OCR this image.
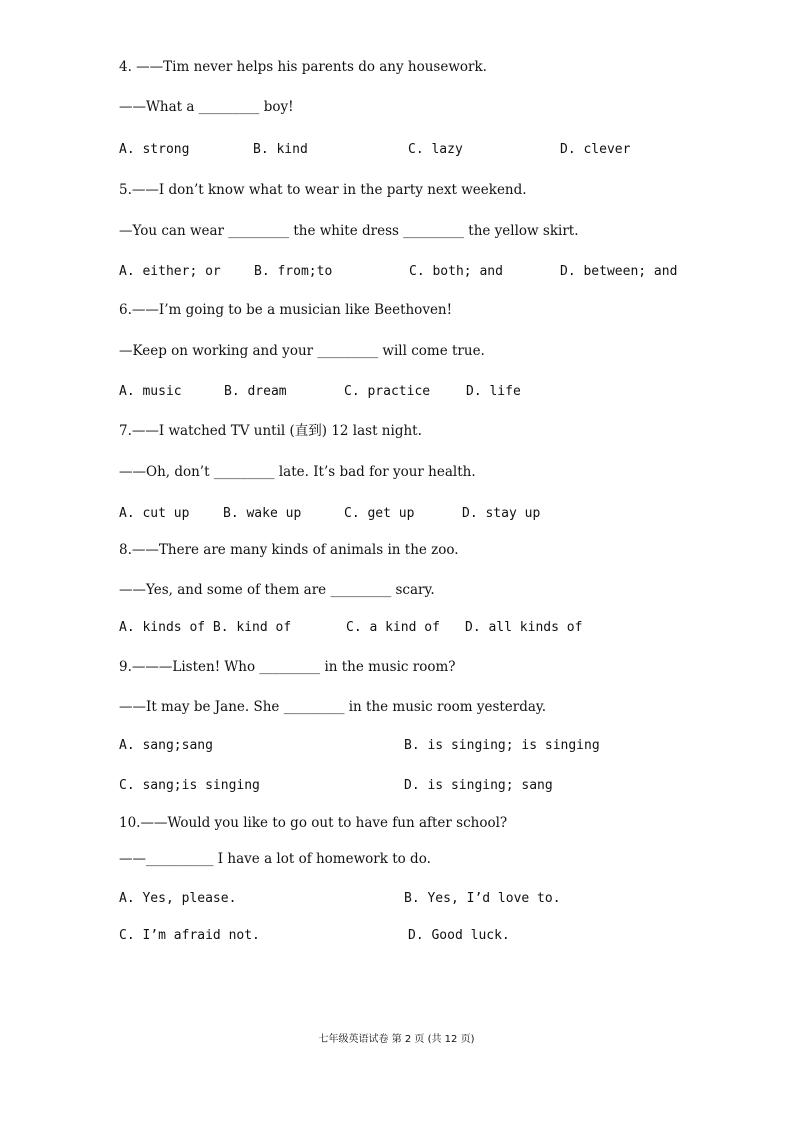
4. ——Tim never helps his parents do any housework.
——What a _________ boy!
A. strong	B. kind	C. lazy	D. clever
5.——I don’t know what to wear in the party next weekend.
—You can wear _________ the white dress _________ the yellow skirt.
A. either; or	B. from;to	C. both; and	D. between; and
6.——I’m going to be a musician like Beethoven!
—Keep on working and your _________ will come true.
A. music	B. dream	C. practice	D. life
7.——I watched TV until (直到) 12 last night.
——Oh, don’t _________ late. It’s bad for your health.
A. cut up	B. wake up	C. get up	D. stay up
8.——There are many kinds of animals in the zoo.
——Yes, and some of them are _________ scary.
A. kinds of B. kind of	C. a kind of D. all kinds of
9.———Listen! Who _________ in the music room?
——It may be Jane. She _________ in the music room yesterday.
A. sang;sang	B. is singing; is singing
C. sang;is singing	D. is singing; sang
10.——Would you like to go out to have fun after school?
——__________ I have a lot of homework to do.
A. Yes, please.	B. Yes, I’d love to.
C. I’m afraid not.	D. Good luck.
七年级英语试卷 第 2 页 (共 12 页)
